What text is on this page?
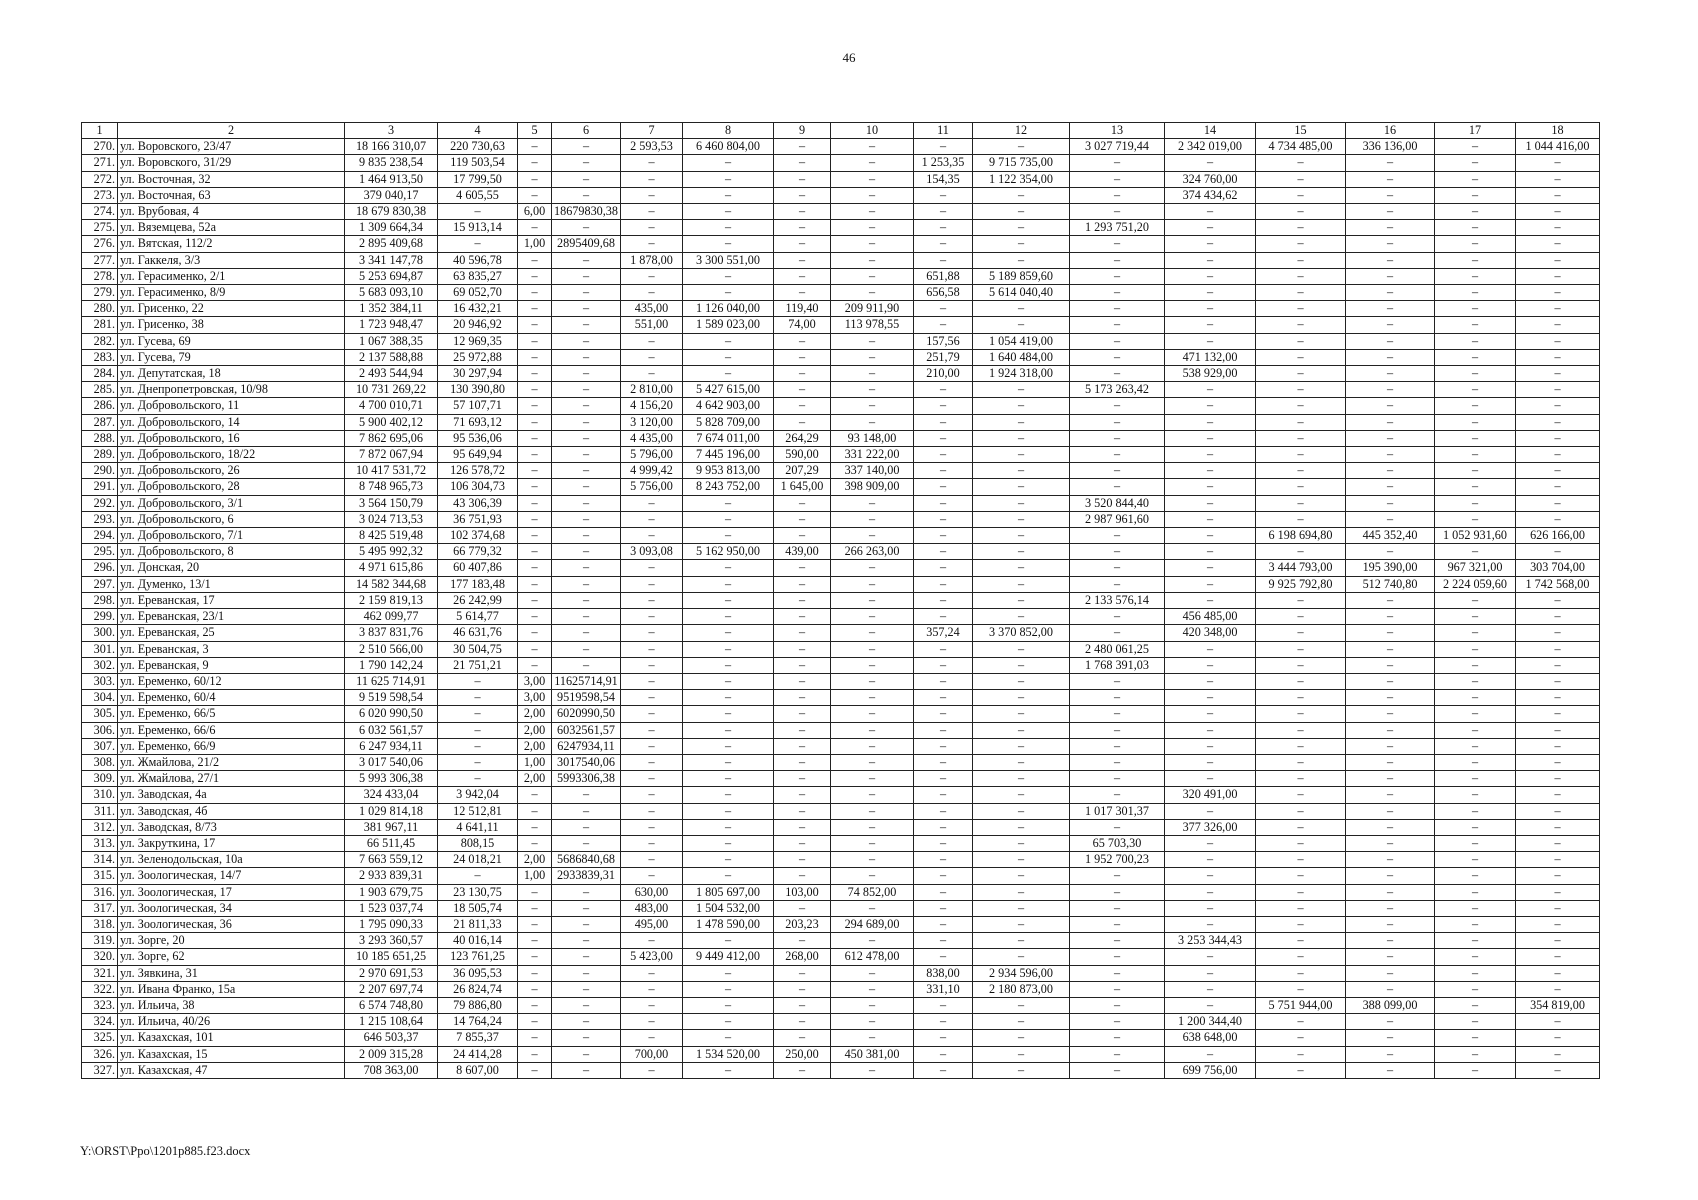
46
1	2	3	4	5	6	7	8	9	10	11	12	13	14	15	16	17	18
270.	ул. Воровского, 23/47	18 166 310,07	220 730,63	–	–	2 593,53	6 460 804,00	–	–	–	–	3 027 719,44	2 342 019,00	4 734 485,00	336 136,00	–	1 044 416,00
271.	ул. Воровского, 31/29	9 835 238,54	119 503,54	–	–	–	–	–	–	1 253,35	9 715 735,00	–	–	–	–	–	–
272.	ул. Восточная, 32	1 464 913,50	17 799,50	–	–	–	–	–	–	154,35	1 122 354,00	–	324 760,00	–	–	–	–
273.	ул. Восточная, 63	379 040,17	4 605,55	–	–	–	–	–	–	–	–	–	374 434,62	–	–	–	–
274.	ул. Врубовая, 4	18 679 830,38	–	6,00	18679830,38	–	–	–	–	–	–	–	–	–	–	–	–
275.	ул. Вяземцева, 52а	1 309 664,34	15 913,14	–	–	–	–	–	–	–	–	1 293 751,20	–	–	–	–	–
276.	ул. Вятская, 112/2	2 895 409,68	–	1,00	2895409,68	–	–	–	–	–	–	–	–	–	–	–	–
277.	ул. Гаккеля, 3/3	3 341 147,78	40 596,78	–	–	1 878,00	3 300 551,00	–	–	–	–	–	–	–	–	–	–
278.	ул. Герасименко, 2/1	5 253 694,87	63 835,27	–	–	–	–	–	–	651,88	5 189 859,60	–	–	–	–	–	–
279.	ул. Герасименко, 8/9	5 683 093,10	69 052,70	–	–	–	–	–	–	656,58	5 614 040,40	–	–	–	–	–	–
280.	ул. Грисенко, 22	1 352 384,11	16 432,21	–	–	435,00	1 126 040,00	119,40	209 911,90	–	–	–	–	–	–	–	–
281.	ул. Грисенко, 38	1 723 948,47	20 946,92	–	–	551,00	1 589 023,00	74,00	113 978,55	–	–	–	–	–	–	–	–
282.	ул. Гусева, 69	1 067 388,35	12 969,35	–	–	–	–	–	–	157,56	1 054 419,00	–	–	–	–	–	–
283.	ул. Гусева, 79	2 137 588,88	25 972,88	–	–	–	–	–	–	251,79	1 640 484,00	–	471 132,00	–	–	–	–
284.	ул. Депутатская, 18	2 493 544,94	30 297,94	–	–	–	–	–	–	210,00	1 924 318,00	–	538 929,00	–	–	–	–
285.	ул. Днепропетровская, 10/98	10 731 269,22	130 390,80	–	–	2 810,00	5 427 615,00	–	–	–	–	5 173 263,42	–	–	–	–	–
286.	ул. Добровольского, 11	4 700 010,71	57 107,71	–	–	4 156,20	4 642 903,00	–	–	–	–	–	–	–	–	–	–
287.	ул. Добровольского, 14	5 900 402,12	71 693,12	–	–	3 120,00	5 828 709,00	–	–	–	–	–	–	–	–	–	–
288.	ул. Добровольского, 16	7 862 695,06	95 536,06	–	–	4 435,00	7 674 011,00	264,29	93 148,00	–	–	–	–	–	–	–	–
289.	ул. Добровольского, 18/22	7 872 067,94	95 649,94	–	–	5 796,00	7 445 196,00	590,00	331 222,00	–	–	–	–	–	–	–	–
290.	ул. Добровольского, 26	10 417 531,72	126 578,72	–	–	4 999,42	9 953 813,00	207,29	337 140,00	–	–	–	–	–	–	–	–
291.	ул. Добровольского, 28	8 748 965,73	106 304,73	–	–	5 756,00	8 243 752,00	1 645,00	398 909,00	–	–	–	–	–	–	–	–
292.	ул. Добровольского, 3/1	3 564 150,79	43 306,39	–	–	–	–	–	–	–	–	3 520 844,40	–	–	–	–	–
293.	ул. Добровольского, 6	3 024 713,53	36 751,93	–	–	–	–	–	–	–	–	2 987 961,60	–	–	–	–	–
294.	ул. Добровольского, 7/1	8 425 519,48	102 374,68	–	–	–	–	–	–	–	–	–	–	6 198 694,80	445 352,40	1 052 931,60	626 166,00
295.	ул. Добровольского, 8	5 495 992,32	66 779,32	–	–	3 093,08	5 162 950,00	439,00	266 263,00	–	–	–	–	–	–	–	–
296.	ул. Донская, 20	4 971 615,86	60 407,86	–	–	–	–	–	–	–	–	–	–	3 444 793,00	195 390,00	967 321,00	303 704,00
297.	ул. Думенко, 13/1	14 582 344,68	177 183,48	–	–	–	–	–	–	–	–	–	–	9 925 792,80	512 740,80	2 224 059,60	1 742 568,00
298.	ул. Ереванская, 17	2 159 819,13	26 242,99	–	–	–	–	–	–	–	–	2 133 576,14	–	–	–	–	–
299.	ул. Ереванская, 23/1	462 099,77	5 614,77	–	–	–	–	–	–	–	–	–	456 485,00	–	–	–	–
300.	ул. Ереванская, 25	3 837 831,76	46 631,76	–	–	–	–	–	–	357,24	3 370 852,00	–	420 348,00	–	–	–	–
301.	ул. Ереванская, 3	2 510 566,00	30 504,75	–	–	–	–	–	–	–	–	2 480 061,25	–	–	–	–	–
302.	ул. Ереванская, 9	1 790 142,24	21 751,21	–	–	–	–	–	–	–	–	1 768 391,03	–	–	–	–	–
303.	ул. Еременко, 60/12	11 625 714,91	–	3,00	11625714,91	–	–	–	–	–	–	–	–	–	–	–	–
304.	ул. Еременко, 60/4	9 519 598,54	–	3,00	9519598,54	–	–	–	–	–	–	–	–	–	–	–	–
305.	ул. Еременко, 66/5	6 020 990,50	–	2,00	6020990,50	–	–	–	–	–	–	–	–	–	–	–	–
306.	ул. Еременко, 66/6	6 032 561,57	–	2,00	6032561,57	–	–	–	–	–	–	–	–	–	–	–	–
307.	ул. Еременко, 66/9	6 247 934,11	–	2,00	6247934,11	–	–	–	–	–	–	–	–	–	–	–	–
308.	ул. Жмайлова, 21/2	3 017 540,06	–	1,00	3017540,06	–	–	–	–	–	–	–	–	–	–	–	–
309.	ул. Жмайлова, 27/1	5 993 306,38	–	2,00	5993306,38	–	–	–	–	–	–	–	–	–	–	–	–
310.	ул. Заводская, 4а	324 433,04	3 942,04	–	–	–	–	–	–	–	–	–	320 491,00	–	–	–	–
311.	ул. Заводская, 4б	1 029 814,18	12 512,81	–	–	–	–	–	–	–	–	1 017 301,37	–	–	–	–	–
312.	ул. Заводская, 8/73	381 967,11	4 641,11	–	–	–	–	–	–	–	–	–	377 326,00	–	–	–	–
313.	ул. Закруткина, 17	66 511,45	808,15	–	–	–	–	–	–	–	–	65 703,30	–	–	–	–	–
314.	ул. Зеленодольская, 10а	7 663 559,12	24 018,21	2,00	5686840,68	–	–	–	–	–	–	1 952 700,23	–	–	–	–	–
315.	ул. Зоологическая, 14/7	2 933 839,31	–	1,00	2933839,31	–	–	–	–	–	–	–	–	–	–	–	–
316.	ул. Зоологическая, 17	1 903 679,75	23 130,75	–	–	630,00	1 805 697,00	103,00	74 852,00	–	–	–	–	–	–	–	–
317.	ул. Зоологическая, 34	1 523 037,74	18 505,74	–	–	483,00	1 504 532,00	–	–	–	–	–	–	–	–	–	–
318.	ул. Зоологическая, 36	1 795 090,33	21 811,33	–	–	495,00	1 478 590,00	203,23	294 689,00	–	–	–	–	–	–	–	–
319.	ул. Зорге, 20	3 293 360,57	40 016,14	–	–	–	–	–	–	–	–	–	3 253 344,43	–	–	–	–
320.	ул. Зорге, 62	10 185 651,25	123 761,25	–	–	5 423,00	9 449 412,00	268,00	612 478,00	–	–	–	–	–	–	–	–
321.	ул. Зявкина, 31	2 970 691,53	36 095,53	–	–	–	–	–	–	838,00	2 934 596,00	–	–	–	–	–	–
322.	ул. Ивана Франко, 15а	2 207 697,74	26 824,74	–	–	–	–	–	–	331,10	2 180 873,00	–	–	–	–	–	–
323.	ул. Ильича, 38	6 574 748,80	79 886,80	–	–	–	–	–	–	–	–	–	–	5 751 944,00	388 099,00	–	354 819,00
324.	ул. Ильича, 40/26	1 215 108,64	14 764,24	–	–	–	–	–	–	–	–	–	1 200 344,40	–	–	–	–
325.	ул. Казахская, 101	646 503,37	7 855,37	–	–	–	–	–	–	–	–	–	638 648,00	–	–	–	–
326.	ул. Казахская, 15	2 009 315,28	24 414,28	–	–	700,00	1 534 520,00	250,00	450 381,00	–	–	–	–	–	–	–	–
327.	ул. Казахская, 47	708 363,00	8 607,00	–	–	–	–	–	–	–	–	–	699 756,00	–	–	–	–
Y:\ORST\Ppo\1201p885.f23.docx
